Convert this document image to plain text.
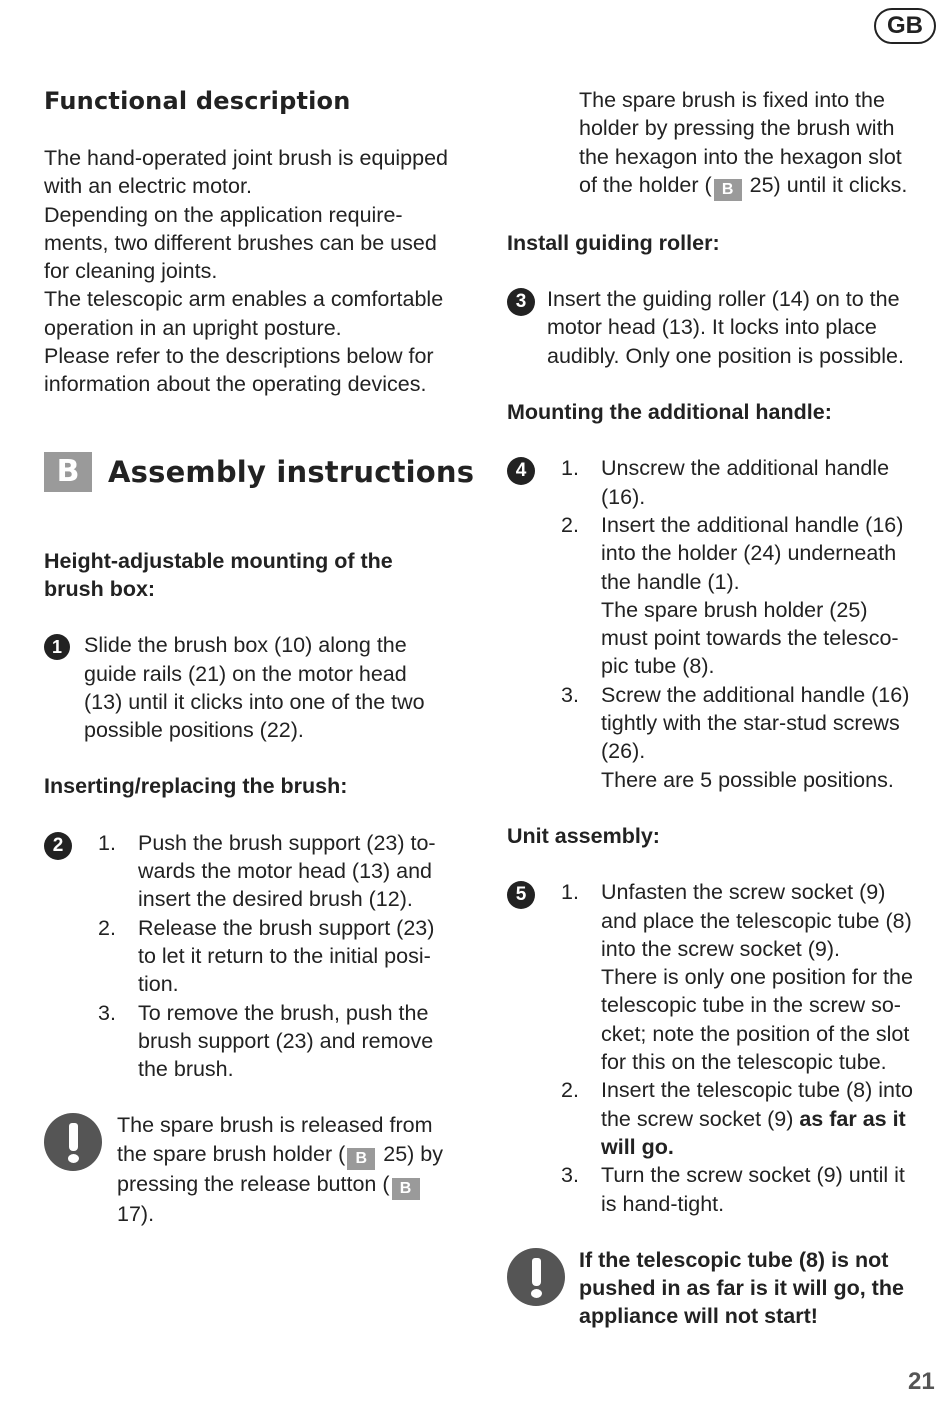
GB
Functional description

The hand-operated joint brush is equipped

with an electric motor.

Depending on the application require-

ments, two different brushes can be used

for cleaning joints.

The telescopic arm enables a comfortable

operation in an upright posture.

Please refer to the descriptions below for

information about the operating devices.

B Assembly instructions
Height-adjustable mounting of the
brush box:
1	Slide the brush box (10) along the

guide rails (21) on the motor head

(13) until it clicks into one of the two

possible positions (22).

Inserting/replacing the brush:
2	1.	Push the brush support (23) to-
wards the motor head (13) and
insert the desired brush (12).
2.	Release the brush support (23)
to let it return to the initial posi-
tion.
3.	To remove the brush, push the
brush support (23) and remove
the brush.

The spare brush is released from

the spare brush holder ( B 25) by

pressing the release button ( B

17).

The spare brush is fixed into the

holder by pressing the brush with

the hexagon into the hexagon slot

of the holder ( B 25) until it clicks.

Install guiding roller:
3 Insert the guiding roller (14) on to the

motor head (13). It locks into place

audibly. Only one position is possible.

Mounting the additional handle:
4	1.	Unscrew the additional handle
(16).
2.	Insert the additional handle (16)
into the holder (24) underneath
the handle (1).
The spare brush holder (25)
must point towards the telesco-
pic tube (8).
3.	Screw the additional handle (16)
tightly with the star-stud screws
(26).
There are 5 possible positions.
Unit assembly:
5	1.	Unfasten the screw socket (9)
and place the telescopic tube (8)
into the screw socket (9).
There is only one position for the
telescopic tube in the screw so-
cket; note the position of the slot
for this on the telescopic tube.
2.	Insert the telescopic tube (8) into
the screw socket (9) as far as it
will go.
3.	Turn the screw socket (9) until it
is hand-tight.

If the telescopic tube (8) is not

pushed in as far is it will go, the

appliance will not start!

21
